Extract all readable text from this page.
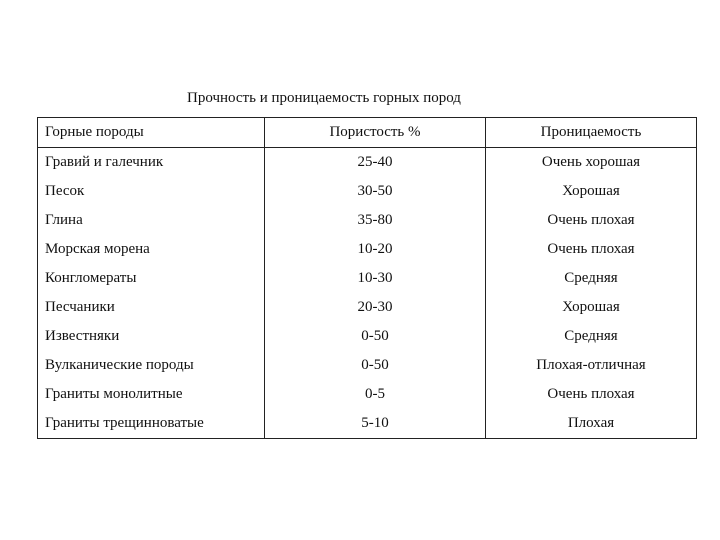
Прочность и проницаемость горных пород
Горные породы	Пористость %	Проницаемость
Гравий и галечник	25-40	Очень хорошая
Песок	30-50	Хорошая
Глина	35-80	Очень плохая
Морская морена	10-20	Очень плохая
Конгломераты	10-30	Средняя
Песчаники	20-30	Хорошая
Известняки	0-50	Средняя
Вулканические породы	0-50	Плохая-отличная
Граниты монолитные	0-5	Очень плохая
Граниты трещинноватые	5-10	Плохая
